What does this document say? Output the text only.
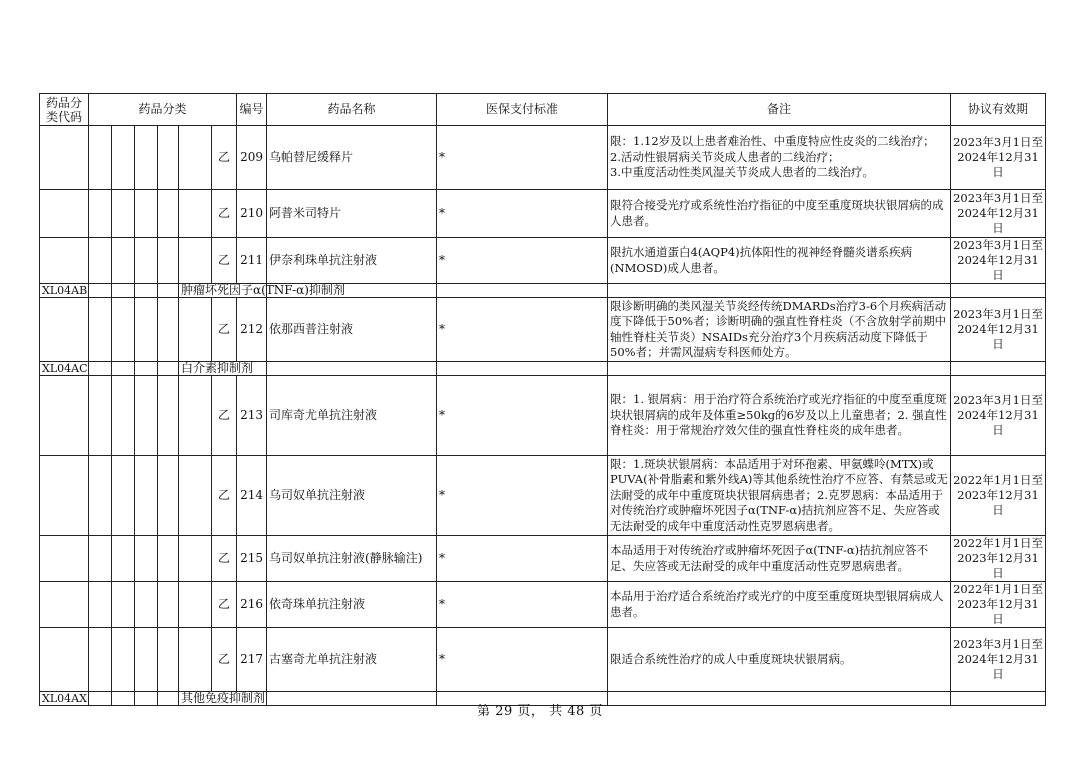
药品分
类代码	药品分类						编号	药品名称	医保支付标准	备注	协议有效期
						乙	209	乌帕替尼缓释片	*	限：1.12岁及以上患者难治性、中重度特应性皮炎的二线治疗；
2.活动性银屑病关节炎成人患者的二线治疗；
3.中重度活动性类风湿关节炎成人患者的二线治疗。	2023年3月1日至
2024年12月31日
						乙	210	阿普米司特片	*	限符合接受光疗或系统性治疗指征的中度至重度斑块状银屑病的成人患者。	2023年3月1日至
2024年12月31日
						乙	211	伊奈利珠单抗注射液	*	限抗水通道蛋白4(AQP4)抗体阳性的视神经脊髓炎谱系疾病(NMOSD)成人患者。	2023年3月1日至
2024年12月31日
XL04AB					肿瘤坏死因子α(TNF-α)抑制剂						
						乙	212	依那西普注射液	*	限诊断明确的类风湿关节炎经传统DMARDs治疗3-6个月疾病活动度下降低于50%者；诊断明确的强直性脊柱炎（不含放射学前期中轴性脊柱关节炎）NSAIDs充分治疗3个月疾病活动度下降低于50%者；并需风湿病专科医师处方。	2023年3月1日至
2024年12月31日
XL04AC					白介素抑制剂						
						乙	213	司库奇尤单抗注射液	*	限：1. 银屑病：用于治疗符合系统治疗或光疗指征的中度至重度斑块状银屑病的成年及体重≥50kg的6岁及以上儿童患者；2. 强直性脊柱炎：用于常规治疗效欠佳的强直性脊柱炎的成年患者。	2023年3月1日至
2024年12月31日
						乙	214	乌司奴单抗注射液	*	限：1.斑块状银屑病：本品适用于对环孢素、甲氨蝶呤(MTX)或PUVA(补骨脂素和紫外线A)等其他系统性治疗不应答、有禁忌或无法耐受的成年中重度斑块状银屑病患者；2.克罗恩病：本品适用于对传统治疗或肿瘤坏死因子α(TNF-α)拮抗剂应答不足、失应答或无法耐受的成年中重度活动性克罗恩病患者。	2022年1月1日至
2023年12月31日
						乙	215	乌司奴单抗注射液(静脉输注)	*	本品适用于对传统治疗或肿瘤坏死因子α(TNF-α)拮抗剂应答不足、失应答或无法耐受的成年中重度活动性克罗恩病患者。	2022年1月1日至
2023年12月31日
						乙	216	依奇珠单抗注射液	*	本品用于治疗适合系统治疗或光疗的中度至重度斑块型银屑病成人患者。	2022年1月1日至
2023年12月31日
						乙	217	古塞奇尤单抗注射液	*	限适合系统性治疗的成人中重度斑块状银屑病。	2023年3月1日至
2024年12月31日
XL04AX					其他免疫抑制剂						
第 29 页， 共 48 页
